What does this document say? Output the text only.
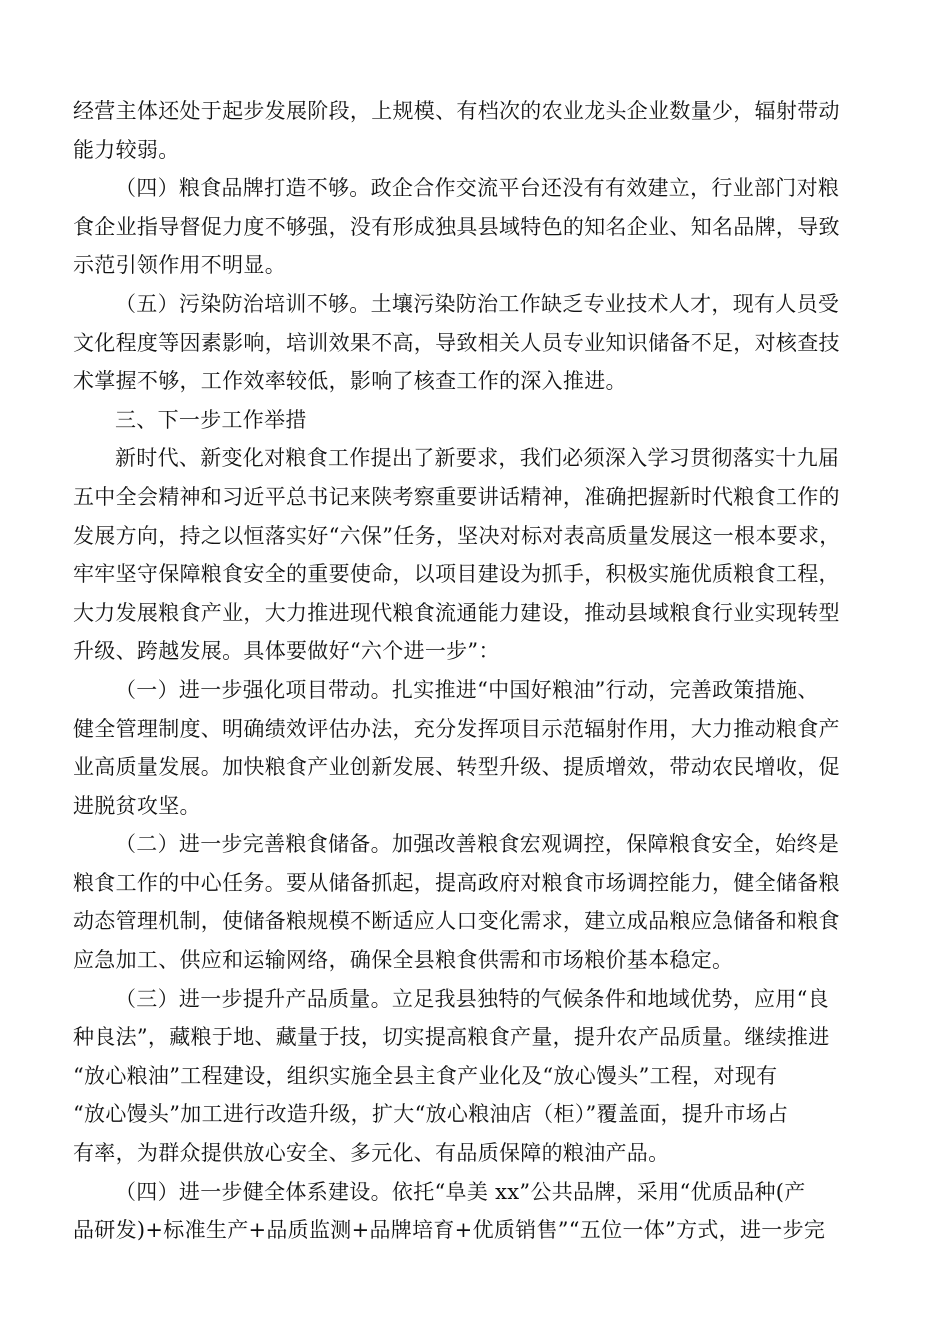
经营主体还处于起步发展阶段，上规模、有档次的农业龙头企业数量少，辐射带动
能力较弱。
（四）粮食品牌打造不够。政企合作交流平台还没有有效建立，行业部门对粮
食企业指导督促力度不够强，没有形成独具县域特色的知名企业、知名品牌，导致
示范引领作用不明显。
（五）污染防治培训不够。土壤污染防治工作缺乏专业技术人才，现有人员受
文化程度等因素影响，培训效果不高，导致相关人员专业知识储备不足，对核查技
术掌握不够，工作效率较低，影响了核查工作的深入推进。
三、下一步工作举措
新时代、新变化对粮食工作提出了新要求，我们必须深入学习贯彻落实十九届
五中全会精神和习近平总书记来陕考察重要讲话精神，准确把握新时代粮食工作的
发展方向，持之以恒落实好“六保”任务，坚决对标对表高质量发展这一根本要求，
牢牢坚守保障粮食安全的重要使命，以项目建设为抓手，积极实施优质粮食工程，
大力发展粮食产业，大力推进现代粮食流通能力建设，推动县域粮食行业实现转型
升级、跨越发展。具体要做好“六个进一步”：
（一）进一步强化项目带动。扎实推进“中国好粮油”行动，完善政策措施、
健全管理制度、明确绩效评估办法，充分发挥项目示范辐射作用，大力推动粮食产
业高质量发展。加快粮食产业创新发展、转型升级、提质增效，带动农民增收，促
进脱贫攻坚。
（二）进一步完善粮食储备。加强改善粮食宏观调控，保障粮食安全，始终是
粮食工作的中心任务。要从储备抓起，提高政府对粮食市场调控能力，健全储备粮
动态管理机制，使储备粮规模不断适应人口变化需求，建立成品粮应急储备和粮食
应急加工、供应和运输网络，确保全县粮食供需和市场粮价基本稳定。
（三）进一步提升产品质量。立足我县独特的气候条件和地域优势，应用“良
种良法”，藏粮于地、藏量于技，切实提高粮食产量，提升农产品质量。继续推进
“放心粮油”工程建设，组织实施全县主食产业化及“放心馒头”工程，对现有
“放心馒头”加工进行改造升级，扩大“放心粮油店（柜）”覆盖面，提升市场占
有率，为群众提供放心安全、多元化、有品质保障的粮油产品。
（四）进一步健全体系建设。依托“阜美 xx”公共品牌，采用“优质品种(产
品研发)+标准生产+品质监测+品牌培育+优质销售”“五位一体”方式，进一步完
